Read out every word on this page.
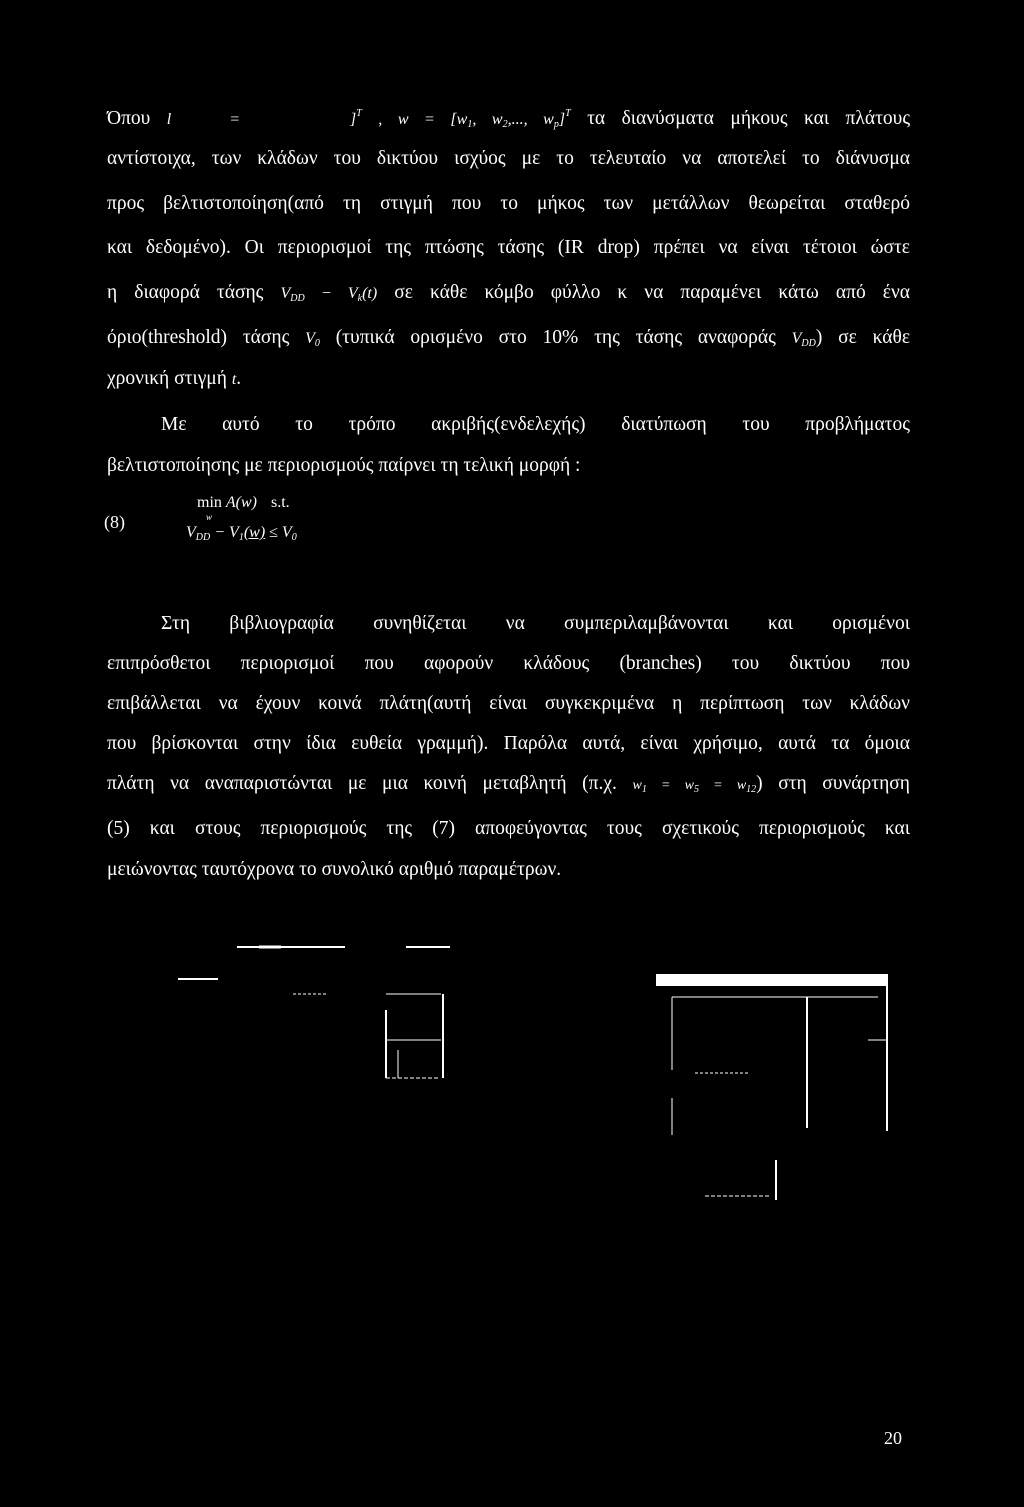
Όπου l =	]$^T$ , $w = [w_1$, $w_2$,..., $w_p]^T$ τα διανύσματα μήκους και πλάτους
αντίστοιχα, των κλάδων του δικτύου ισχύος με το τελευταίο να αποτελεί το διάνυσμα
προς βελτιστοποίηση(από τη στιγμή που το μήκος των μετάλλων θεωρείται σταθερό
και δεδομένο). Οι περιορισμοί της πτώσης τάσης (IR drop) πρέπει να είναι τέτοιοι ώστε
η διαφορά τάσης $V_{DD} - V_k(t)$ σε κάθε κόμβο φύλλο κ να παραμένει κάτω από ένα
όριο(threshold) τάσης $V_0$ (τυπικά ορισμένο στο 10% της τάσης αναφοράς $V_{DD}$) σε κάθε
χρονική στιγμή t.
Με αυτό το τρόπο ακριβής(ενδελεχής) διατύπωση του προβλήματος
βελτιστοποίησης με περιορισμούς παίρνει τη τελική μορφή :
(8)
min A(w) s.t.
w
$V_{DD} - V_1(w) \le V_0$
Στη βιβλιογραφία συνηθίζεται να συμπεριλαμβάνονται και ορισμένοι
επιπρόσθετοι περιορισμοί που αφορούν κλάδους (branches) του δικτύου που
επιβάλλεται να έχουν κοινά πλάτη(αυτή είναι συγκεκριμένα η περίπτωση των κλάδων
που βρίσκονται στην ίδια ευθεία γραμμή). Παρόλα αυτά, είναι χρήσιμο, αυτά τα όμοια
πλάτη να αναπαριστώνται με μια κοινή μεταβλητή (π.χ. $w_1 = w_5 = w_{12}$) στη συνάρτηση
(5) και στους περιορισμούς της (7) αποφεύγοντας τους σχετικούς περιορισμούς και
μειώνοντας ταυτόχρονα το συνολικό αριθμό παραμέτρων.
20
